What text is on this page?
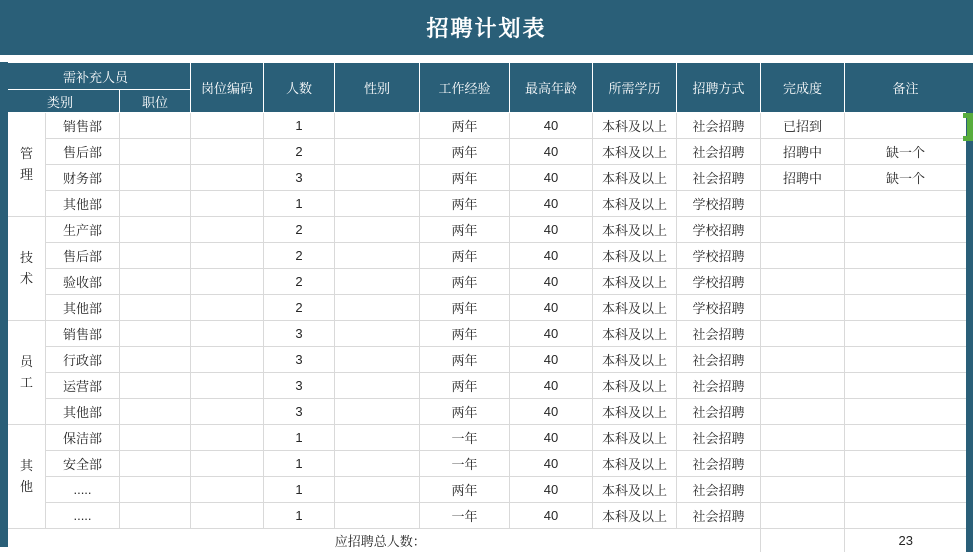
招聘计划表
需补充人员			岗位编码	人数	性别	工作经验	最高年龄	所需学历	招聘方式	完成度	备注
类别		职位									
管理	销售部			1		两年	40	本科及以上	社会招聘	已招到	
	售后部			2		两年	40	本科及以上	社会招聘	招聘中	缺一个
	财务部			3		两年	40	本科及以上	社会招聘	招聘中	缺一个
	其他部			1		两年	40	本科及以上	学校招聘		
技术	生产部			2		两年	40	本科及以上	学校招聘		
	售后部			2		两年	40	本科及以上	学校招聘		
	验收部			2		两年	40	本科及以上	学校招聘		
	其他部			2		两年	40	本科及以上	学校招聘		
员工	销售部			3		两年	40	本科及以上	社会招聘		
	行政部			3		两年	40	本科及以上	社会招聘		
	运营部			3		两年	40	本科及以上	社会招聘		
	其他部			3		两年	40	本科及以上	社会招聘		
其他	保洁部			1		一年	40	本科及以上	社会招聘		
	安全部			1		一年	40	本科及以上	社会招聘		
	.....			1		两年	40	本科及以上	社会招聘		
	.....			1		一年	40	本科及以上	社会招聘		
应招聘总人数：											23
